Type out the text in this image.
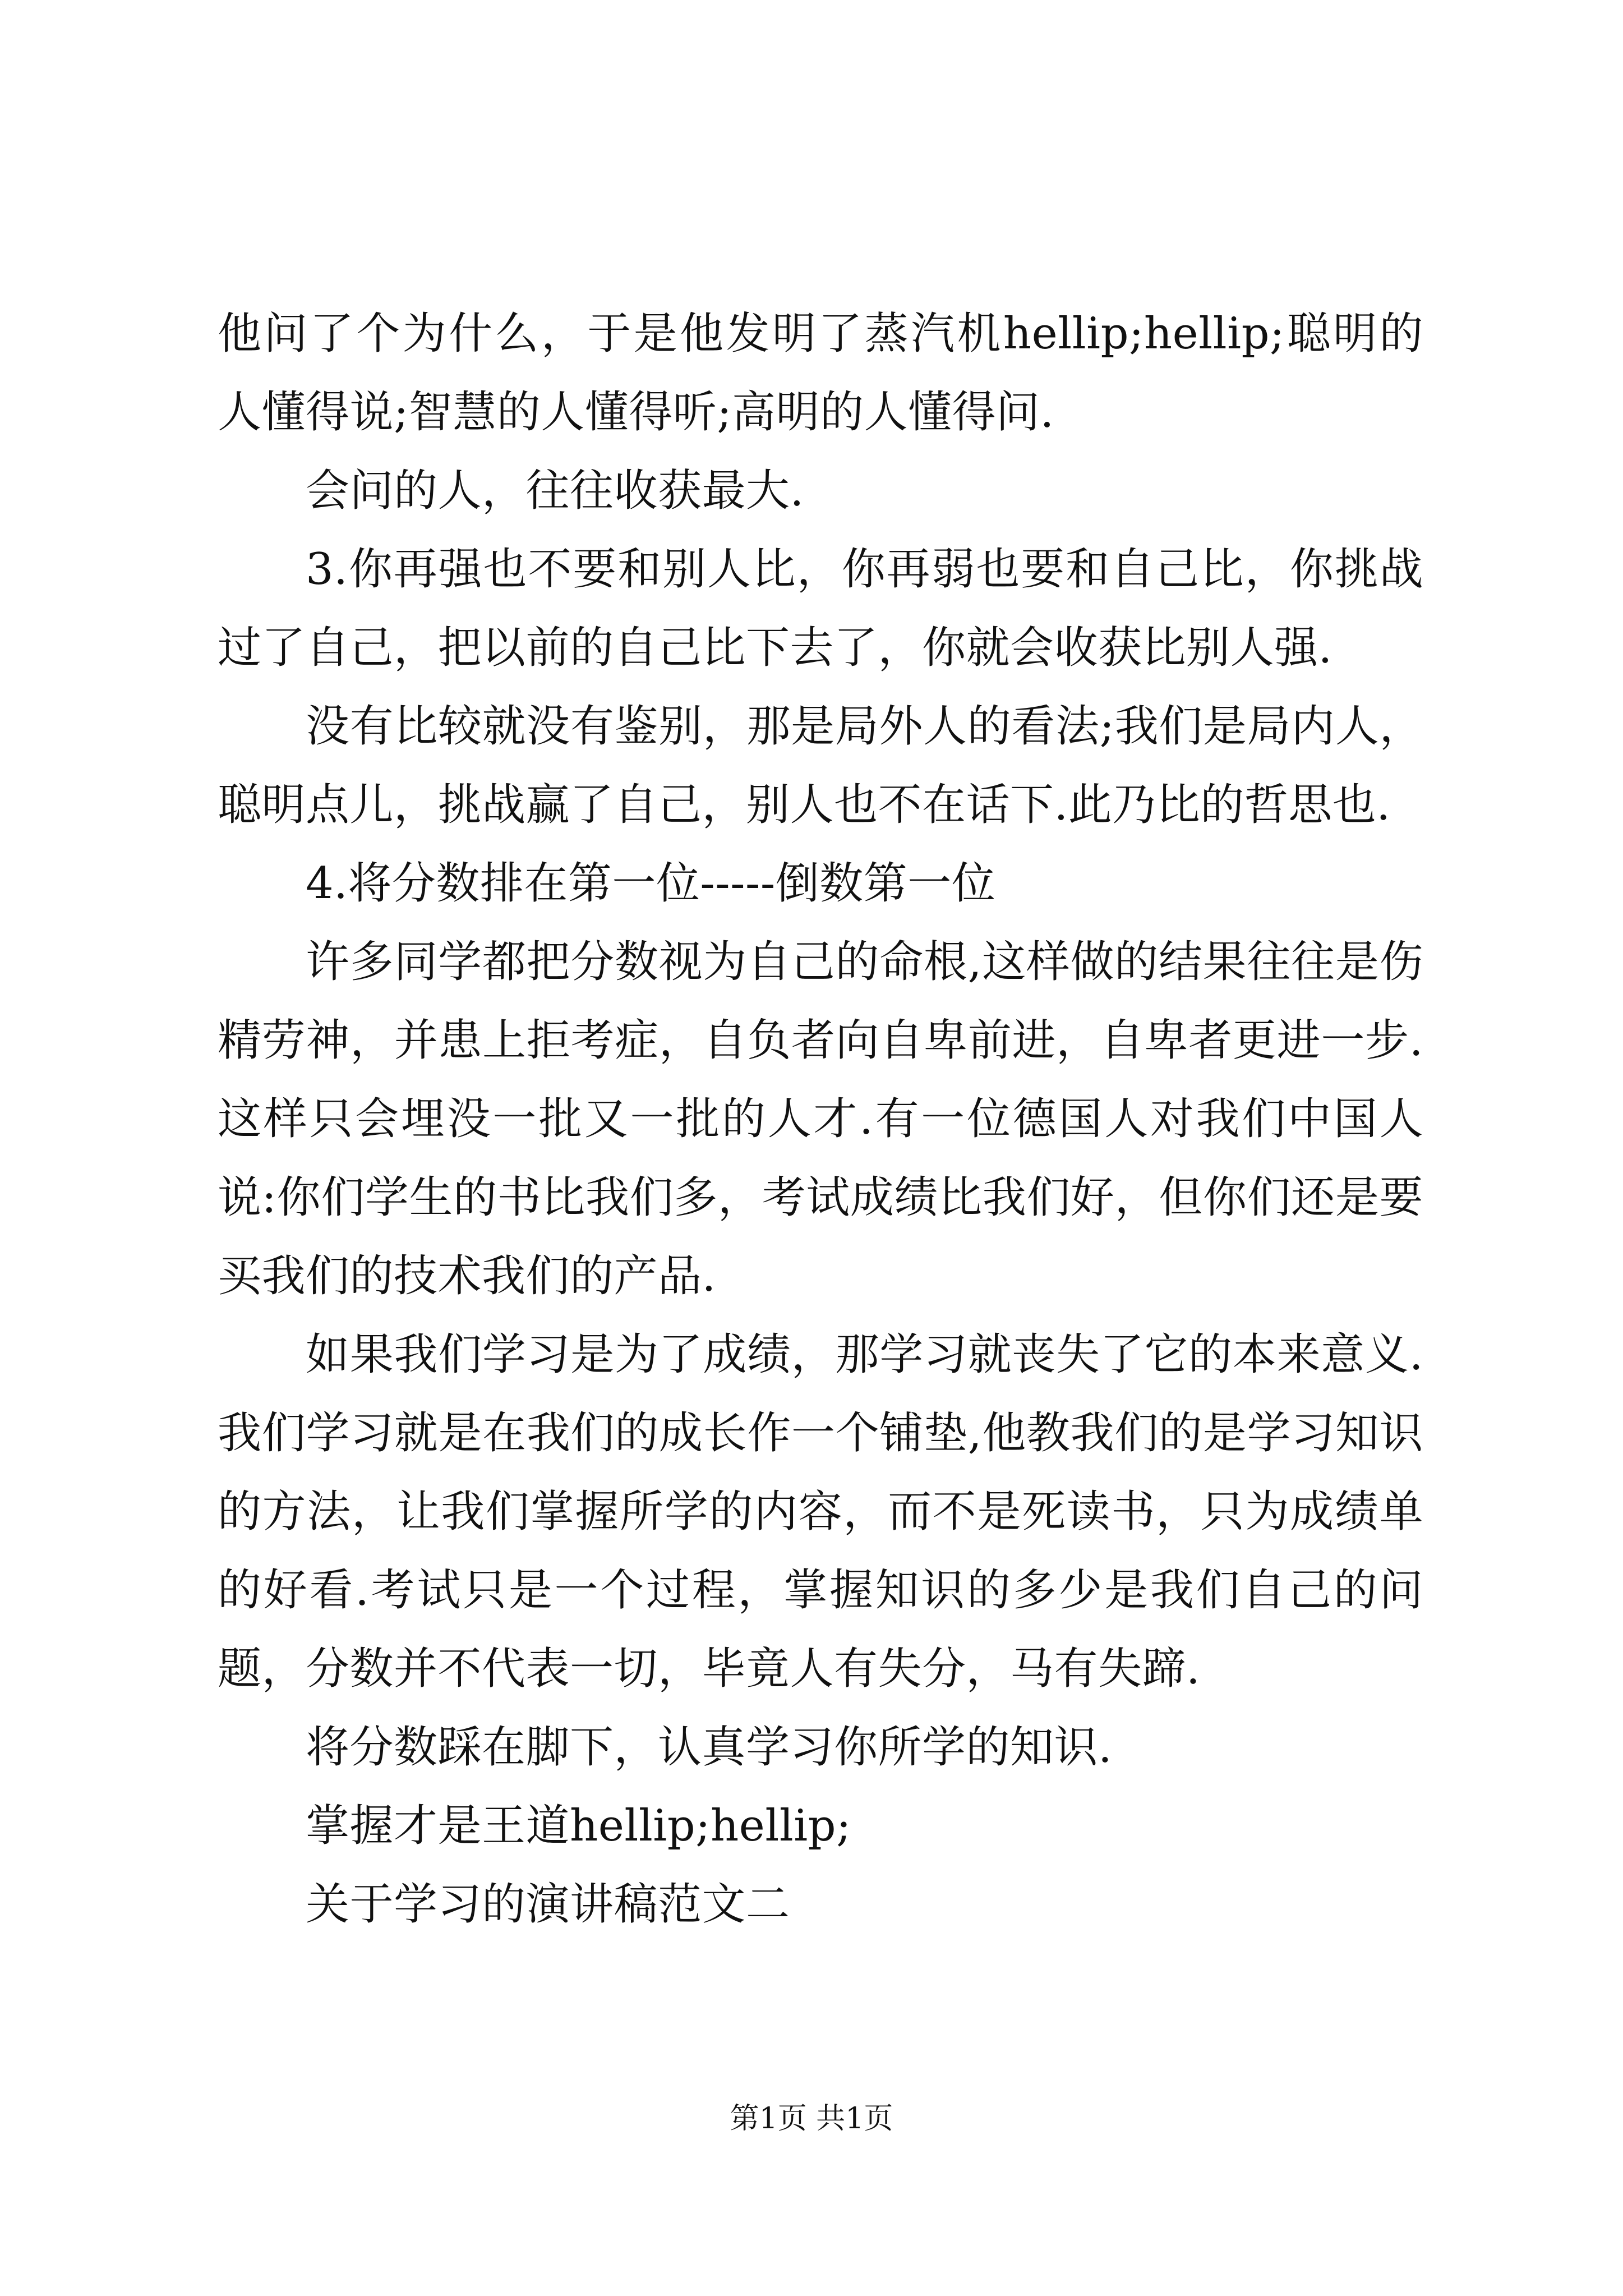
他问了个为什么，于是他发明了蒸汽机hellip;hellip;聪明的人懂得说;智慧的人懂得听;高明的人懂得问.

会问的人，往往收获最大.

3.你再强也不要和别人比，你再弱也要和自己比，你挑战过了自己，把以前的自己比下去了，你就会收获比别人强.

没有比较就没有鉴别，那是局外人的看法;我们是局内人，聪明点儿，挑战赢了自己，别人也不在话下.此乃比的哲思也.

4.将分数排在第一位-----倒数第一位

许多同学都把分数视为自己的命根,这样做的结果往往是伤精劳神，并患上拒考症，自负者向自卑前进，自卑者更进一步.这样只会埋没一批又一批的人才.有一位德国人对我们中国人说:你们学生的书比我们多，考试成绩比我们好，但你们还是要买我们的技术我们的产品.

如果我们学习是为了成绩，那学习就丧失了它的本来意义.我们学习就是在我们的成长作一个铺垫,他教我们的是学习知识的方法，让我们掌握所学的内容，而不是死读书，只为成绩单的好看.考试只是一个过程，掌握知识的多少是我们自己的问题，分数并不代表一切，毕竟人有失分，马有失蹄.

将分数踩在脚下，认真学习你所学的知识.

掌握才是王道hellip;hellip;

关于学习的演讲稿范文二

第1页 共1页
